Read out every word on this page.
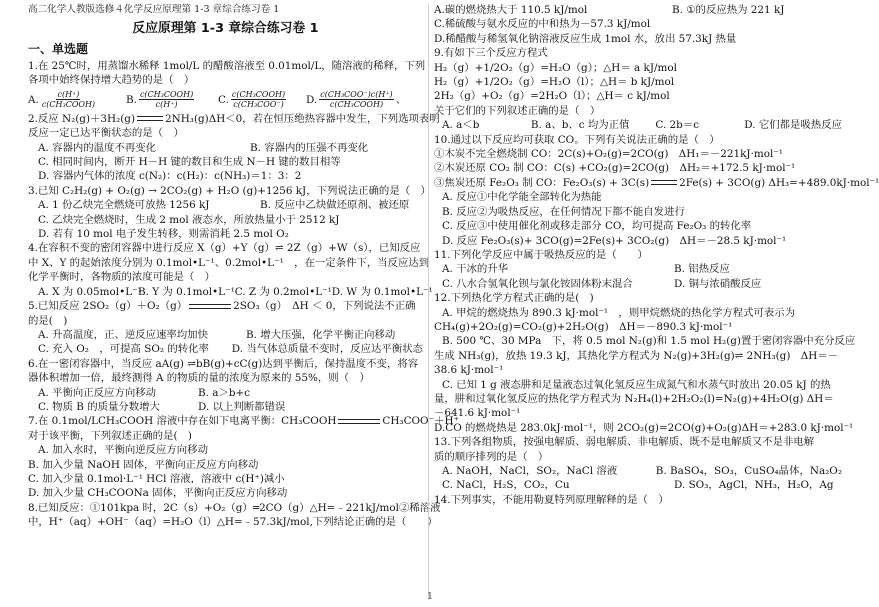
高二化学人教版选修４化学反应原理第 1-3 章综合练习卷 1
反应原理第 1-3 章综合练习卷 1
一、单选题
1.在 25℃时，用蒸馏水稀释 1mol/L 的醋酸溶液至 0.01mol/L，随溶液的稀释，下列
各项中始终保持增大趋势的是（　）
A. $\frac{c(H^+)}{\text{c(CH₃COOH)}}$	B. $\frac{\text{c(CH₃COOH)}}{c(H^+)} C$. $\frac{\text{c(CH₃COOH)}}{\text{c(CH₃COO⁻)}} D$. $\frac{\text{c(CH₃COO⁻)c(H⁺)}}{\text{c(CH₃COOH)}}$ 、
2.反应 N₂(g)＋3H₂(g)	2NH₃(g)ΔH＜0，若在恒压绝热容器中发生，下列选项表明
反应一定已达平衡状态的是（　）
A. 容器内的温度不再变化	B. 容器内的压强不再变化
C. 相同时间内，断开 H－H 键的数目和生成 N－H 键的数目相等
D. 容器内气体的浓度 c(N₂)：c(H₂)：c(NH₃)＝1：3：2
3.已知 C₂H₂(g) + O₂(g) → 2CO₂(g) + H₂O (g)+1256 kJ，下列说法正确的是（　）
A. 1 份乙炔完全燃烧可放热 1256 kJ	B. 反应中乙炔做还原剂、被还原
C. 乙炔完全燃烧时，生成 2 mol 液态水，所放热量小于 2512 kJ
D. 若有 10 mol 电子发生转移，则需消耗 2.5 mol O₂
4.在容积不变的密闭容器中进行反应 X（g）+Y（g）⇌ 2Z（g）+W（s），已知反应
中 X、Y 的起始浓度分别为 0.1mol•L⁻¹、0.2mol•L⁻¹　，在一定条件下，当反应达到
化学平衡时，各物质的浓度可能是（　）
A. X 为 0.05mol•L⁻¹
B. Y 为 0.1mol•L⁻¹ C. Z 为 0.2mol•L⁻¹ D. W 为 0.1mol•L⁻¹
5.已知反应 2SO₂（g）＋O₂（g）	2SO₃（g）　ΔH ＜ 0，下列说法不正确
的是(　)
A. 升高温度，正、逆反应速率均加快	B. 增大压强，化学平衡正向移动
C. 充入 O₂　，可提高 SO₂ 的转化率	D. 当气体总质量不变时，反应达平衡状态
6.在一密闭容器中，当反应 aA(g) ⇌bB(g)+cC(g)达到平衡后，保持温度不变，将容
器体积增加一倍，最终测得 A 的物质的量的浓度为原来的 55%，则（　）
A. 平衡向正反应方向移动	B. a＞b+c
C. 物质 B 的质量分数增大	D. 以上判断都错误
7.在 0.1mol/LCH₃COOH 溶液中存在如下电离平衡：CH₃COOH	CH₃COO⁻＋H⁺
对于该平衡，下列叙述正确的是(　)
A. 加入水时，平衡向逆反应方向移动
B. 加入少量 NaOH 固体，平衡向正反应方向移动
C. 加入少量 0.1mol·L⁻¹ HCl 溶液，溶液中 c(H⁺)减小
D. 加入少量 CH₃COONa 固体，平衡向正反应方向移动
8.已知反应：①101kpa 时，2C（s）+O₂（g）═2CO（g）△H=﹣221kJ/mol②稀溶液
中，H⁺（aq）+OH⁻（aq）=H₂O（l）△H=﹣57.3kJ/mol,下列结论正确的是（　　）
A.碳的燃烧热大于 110.5 kJ/mol	B. ①的反应热为 221 kJ
C.稀硫酸与氨水反应的中和热为－57.3 kJ/mol
D.稀醋酸与稀氢氧化钠溶液反应生成 1mol 水，放出 57.3kJ 热量
9.有如下三个反应方程式
H₂（g）+1/2O₂（g）=H₂O（g）；△H＝ a kJ/mol
H₂（g）+1/2O₂（g）=H₂O（l）；△H＝ b kJ/mol
2H₂（g）+O₂（g）=2H₂O（l）；△H＝ c kJ/mol
关于它们的下列叙述正确的是（　）
A. a＜b	B. a、b、c 均为正值	C. 2b＝c	D. 它们都是吸热反应
10.通过以下反应均可获取 CO。下列有关说法正确的是（　）
①木炭不完全燃烧制 CO：2C(s)+O₂(g)=2CO(g)　ΔH₁＝－221kJ·mol⁻¹
②木炭还原 CO₂ 制 CO：C(s) +CO₂(g)=2CO(g)　ΔH₂＝+172.5 kJ·mol⁻¹
③焦炭还原 Fe₂O₃ 制 CO：Fe₂O₃(s) + 3C(s)	2Fe(s) + 3CO(g) ΔH₃=+489.0kJ·mol⁻¹
A. 反应①中化学能全部转化为热能
B. 反应②为吸热反应，在任何情况下都不能自发进行
C. 反应③中使用催化剂或移走部分 CO，均可提高 Fe₂O₃ 的转化率
D. 反应 Fe₂O₃(s)+ 3CO(g)=2Fe(s)+ 3CO₂(g)　ΔH＝－28.5 kJ·mol⁻¹
11.下列化学反应中属于吸热反应的是（　　）
A. 干冰的升华	B. 铝热反应
C. 八水合氢氧化钡与氯化铵固体粉末混合	D. 铜与浓硝酸反应
12.下列热化学方程式正确的是(　)
A. 甲烷的燃烧热为 890.3 kJ·mol⁻¹　，则甲烷燃烧的热化学方程式可表示为
CH₄(g)+2O₂(g)=CO₂(g)+2H₂O(g)　ΔH＝－890.3 kJ·mol⁻¹
B. 500 ℃、30 MPa　下，将 0.5 mol N₂(g)和 1.5 mol H₂(g)置于密闭容器中充分反应
生成 NH₃(g)，放热 19.3 kJ，其热化学方程式为 N₂(g)+3H₂(g)⇌ 2NH₃(g)　ΔH＝－
38.6 kJ·mol⁻¹
C. 已知 1 g 液态肼和足量液态过氧化氢反应生成氮气和水蒸气时放出 20.05 kJ 的热
量，肼和过氧化氢反应的热化学方程式为 N₂H₄(l)+2H₂O₂(l)=N₂(g)+4H₂O(g) ΔH＝
－641.6 kJ·mol⁻¹
D.CO 的燃烧热是 283.0kJ·mol⁻¹，则 2CO₂(g)=2CO(g)+O₂(g)ΔH＝+283.0 kJ·mol⁻¹
13.下列各组物质，按强电解质、弱电解质、非电解质、既不是电解质又不是非电解
质的顺序排列的是（　）
A. NaOH，NaCl，SO₂，NaCl 溶液	B. BaSO₄，SO₃，CuSO₄晶体，Na₂O₂
C. NaCl，H₂S，CO₂，Cu	D. SO₃，AgCl，NH₃，H₂O，Ag
14.下列事实，不能用勒夏特列原理解释的是（　）
1
